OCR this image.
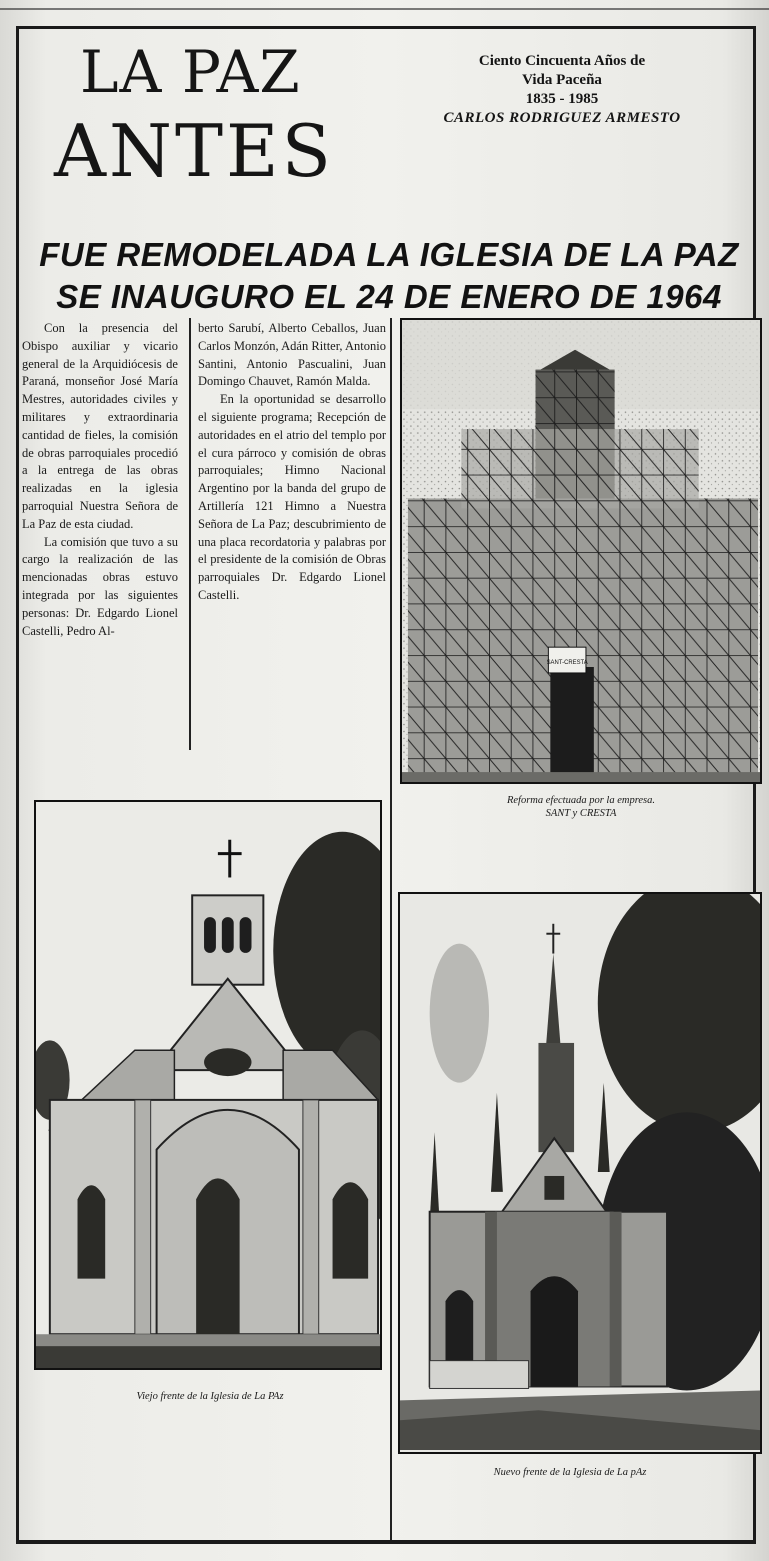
LA PAZ
ANTES
Ciento Cincuenta Años de
Vida Paceña
1835 - 1985
CARLOS RODRIGUEZ ARMESTO
FUE REMODELADA LA IGLESIA DE LA PAZ
SE INAUGURO EL 24 DE ENERO DE 1964

Con la presencia del Obispo auxiliar y vicario general de la Arquidiócesis de Paraná, monseñor José María Mestres, autoridades civiles y militares y extraordinaria cantidad de fieles, la comisión de obras parroquiales procedió a la entrega de las obras realizadas en la iglesia parroquial Nuestra Señora de La Paz de esta ciudad.

La comisión que tuvo a su cargo la realización de las mencionadas obras estuvo integrada por las siguientes personas: Dr. Edgardo Lionel Castelli, Pedro Al-

berto Sarubí, Alberto Ceballos, Juan Carlos Monzón, Adán Ritter, Antonio Santini, Antonio Pascualini, Juan Domingo Chauvet, Ramón Malda.

En la oportunidad se desarrollo el siguiente programa; Recepción de autoridades en el atrio del templo por el cura párroco y comisión de obras parroquiales; Himno Nacional Argentino por la banda del grupo de Artillería 121 Himno a Nuestra Señora de La Paz; descubrimiento de una placa recordatoria y palabras por el presidente de la comisión de Obras parroquiales Dr. Edgardo Lionel Castelli.

SANT-CRESTA
Reforma efectuada por la empresa.
SANT y CRESTA
Viejo frente de la Iglesia de La PAz
Nuevo frente de la Iglesia de La pAz
